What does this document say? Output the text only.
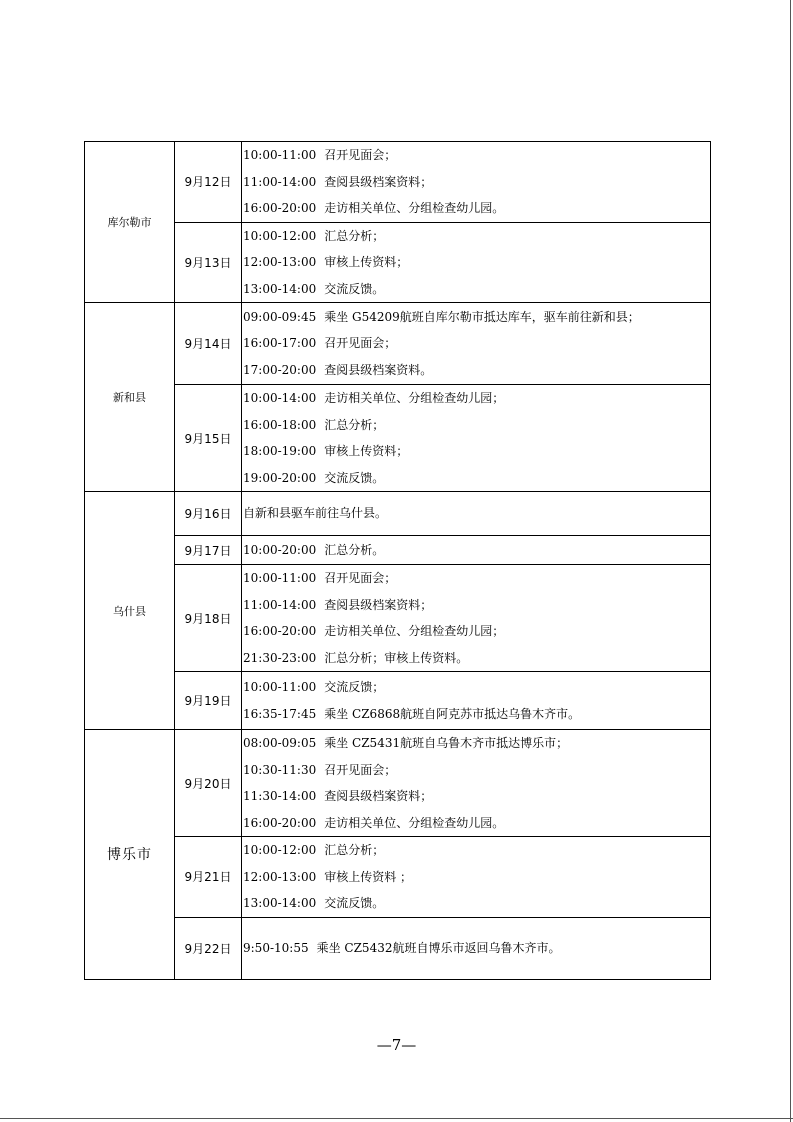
库尔勒市	9月12日	10:00-11:00 召开见面会；
11:00-14:00 查阅县级档案资料；
16:00-20:00 走访相关单位、分组检查幼儿园。

	9月13日	10:00-12:00 汇总分析；
12:00-13:00 审核上传资料；
13:00-14:00 交流反馈。

新和县	9月14日	09:00-09:45 乘坐 G54209航班自库尔勒市抵达库车，驱车前往新和县；
16:00-17:00 召开见面会；
17:00-20:00 查阅县级档案资料。

	9月15日	10:00-14:00 走访相关单位、分组检查幼儿园；
16:00-18:00 汇总分析；
18:00-19:00 审核上传资料；
19:00-20:00 交流反馈。

乌什县	9月16日	自新和县驱车前往乌什县。

	9月17日	10:00-20:00 汇总分析。

	9月18日	10:00-11:00 召开见面会；
11:00-14:00 查阅县级档案资料；
16:00-20:00 走访相关单位、分组检查幼儿园；
21:30-23:00 汇总分析；审核上传资料。

	9月19日	10:00-11:00 交流反馈；
16:35-17:45 乘坐 CZ6868航班自阿克苏市抵达乌鲁木齐市。

博乐市	9月20日	08:00-09:05 乘坐 CZ5431航班自乌鲁木齐市抵达博乐市；
10:30-11:30 召开见面会；
11:30-14:00 查阅县级档案资料；
16:00-20:00 走访相关单位、分组检查幼儿园。

	9月21日	10:00-12:00 汇总分析；
12:00-13:00 审核上传资料 ；
13:00-14:00 交流反馈。

	9月22日	9:50-10:55 乘坐 CZ5432航班自博乐市返回乌鲁木齐市。
—7—
